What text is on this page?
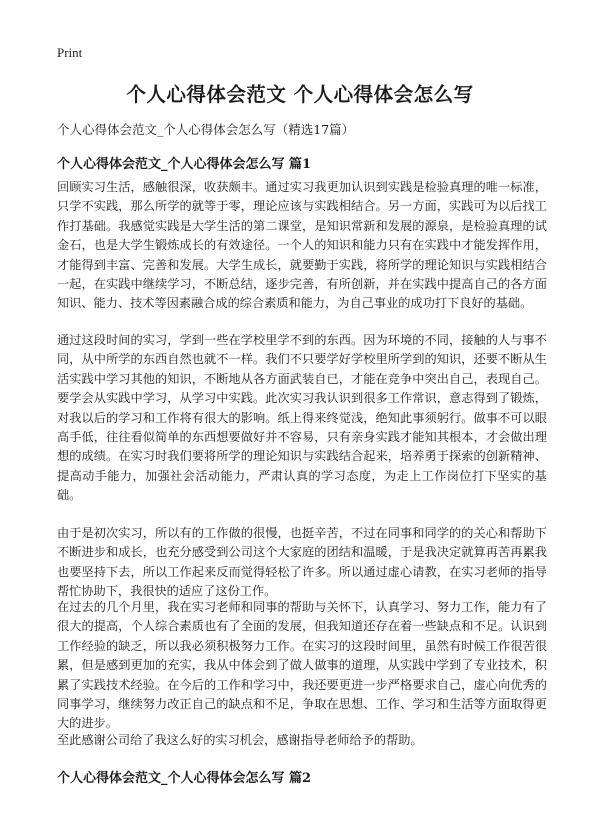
Print
个人心得体会范文 个人心得体会怎么写

个人心得体会范文_个人心得体会怎么写（精选17篇）

个人心得体会范文_个人心得体会怎么写 篇1

回顾实习生活，感触很深，收获颇丰。通过实习我更加认识到实践是检验真理的唯一标准，只学不实践，那么所学的就等于零，理论应该与实践相结合。另一方面，实践可为以后找工作打基础。我感觉实践是大学生活的第二课堂，是知识常新和发展的源泉，是检验真理的试金石，也是大学生锻炼成长的有效途径。一个人的知识和能力只有在实践中才能发挥作用，才能得到丰富、完善和发展。大学生成长，就要勤于实践，将所学的理论知识与实践相结合一起，在实践中继续学习，不断总结，逐步完善，有所创新，并在实践中提高自己的各方面知识、能力、技术等因素融合成的综合素质和能力，为自己事业的成功打下良好的基础。

通过这段时间的实习，学到一些在学校里学不到的东西。因为环境的不同，接触的人与事不同，从中所学的东西自然也就不一样。我们不只要学好学校里所学到的知识，还要不断从生活实践中学习其他的知识，不断地从各方面武装自已，才能在竞争中突出自己，表现自己。要学会从实践中学习，从学习中实践。此次实习我认识到很多工作常识，意志得到了锻炼，对我以后的学习和工作将有很大的影响。纸上得来终觉浅，绝知此事须躬行。做事不可以眼高手低，往往看似简单的东西想要做好并不容易，只有亲身实践才能知其根本，才会做出理想的成绩。在实习时我们要将所学的理论知识与实践结合起来，培养勇于探索的创新精神、提高动手能力，加强社会活动能力，严肃认真的学习态度，为走上工作岗位打下坚实的基础。

由于是初次实习，所以有的工作做的很慢，也挺辛苦，不过在同事和同学的的关心和帮助下不断进步和成长，也充分感受到公司这个大家庭的团结和温暖，于是我决定就算再苦再累我也要坚持下去，所以工作起来反而觉得轻松了许多。所以通过虚心请教，在实习老师的指导帮忙协助下，我很快的适应了这份工作。

在过去的几个月里，我在实习老师和同事的帮助与关怀下，认真学习、努力工作，能力有了很大的提高，个人综合素质也有了全面的发展，但我知道还存在着一些缺点和不足。认识到工作经验的缺乏，所以我必须积极努力工作。在实习的这段时间里，虽然有时候工作很苦很累，但是感到更加的充实，我从中体会到了做人做事的道理，从实践中学到了专业技术，积累了实践技术经验。在今后的工作和学习中，我还要更进一步严格要求自己，虚心向优秀的同事学习，继续努力改正自己的缺点和不足，争取在思想、工作、学习和生活等方面取得更大的进步。

至此感谢公司给了我这么好的实习机会，感谢指导老师给予的帮助。

个人心得体会范文_个人心得体会怎么写 篇2
